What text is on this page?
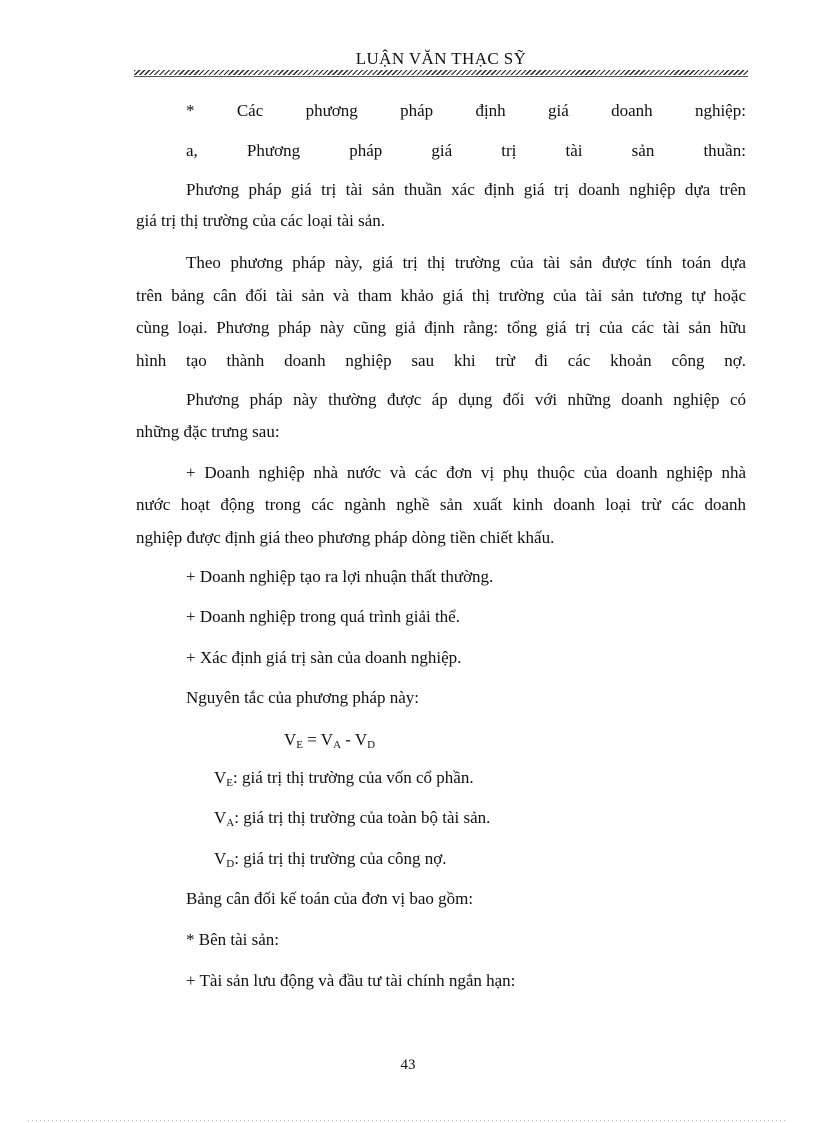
LUẬN VĂN THẠC SỸ
* Các phương pháp định giá doanh nghiệp:
a,	Phương	pháp	giá	trị	tài	sản	thuần:
Phương pháp giá trị tài sản thuần xác định giá trị doanh nghiệp dựa trên
giá trị thị trường của các loại tài sản.
Theo phương pháp này, giá trị thị trường của tài sản được tính toán dựa
trên bảng cân đối tài sản và tham khảo giá thị trường của tài sản tương tự hoặc
cùng loại. Phương pháp này cũng giả định rằng: tổng giá trị của các tài sản hữu
hình tạo thành doanh nghiệp sau khi trừ đi các khoản công nợ.
Phương pháp này thường được áp dụng đối với những doanh nghiệp có
những đặc trưng sau:
+ Doanh nghiệp nhà nước và các đơn vị phụ thuộc của doanh nghiệp nhà
nước hoạt động trong các ngành nghề sản xuất kinh doanh loại trừ các doanh
nghiệp được định giá theo phương pháp dòng tiền chiết khấu.
+ Doanh nghiệp tạo ra lợi nhuận thất thường.
+ Doanh nghiệp trong quá trình giải thể.
+ Xác định giá trị sàn của doanh nghiệp.
Nguyên tắc của phương pháp này:
$V_E = V_A - V_D$
$V_E$: giá trị thị trường của vốn cổ phần.
$V_A$: giá trị thị trường của toàn bộ tài sản.
$V_D$: giá trị thị trường của công nợ.
Bảng cân đối kế toán của đơn vị bao gồm:
* Bên tài sản:
+ Tài sản lưu động và đầu tư tài chính ngắn hạn:
43
